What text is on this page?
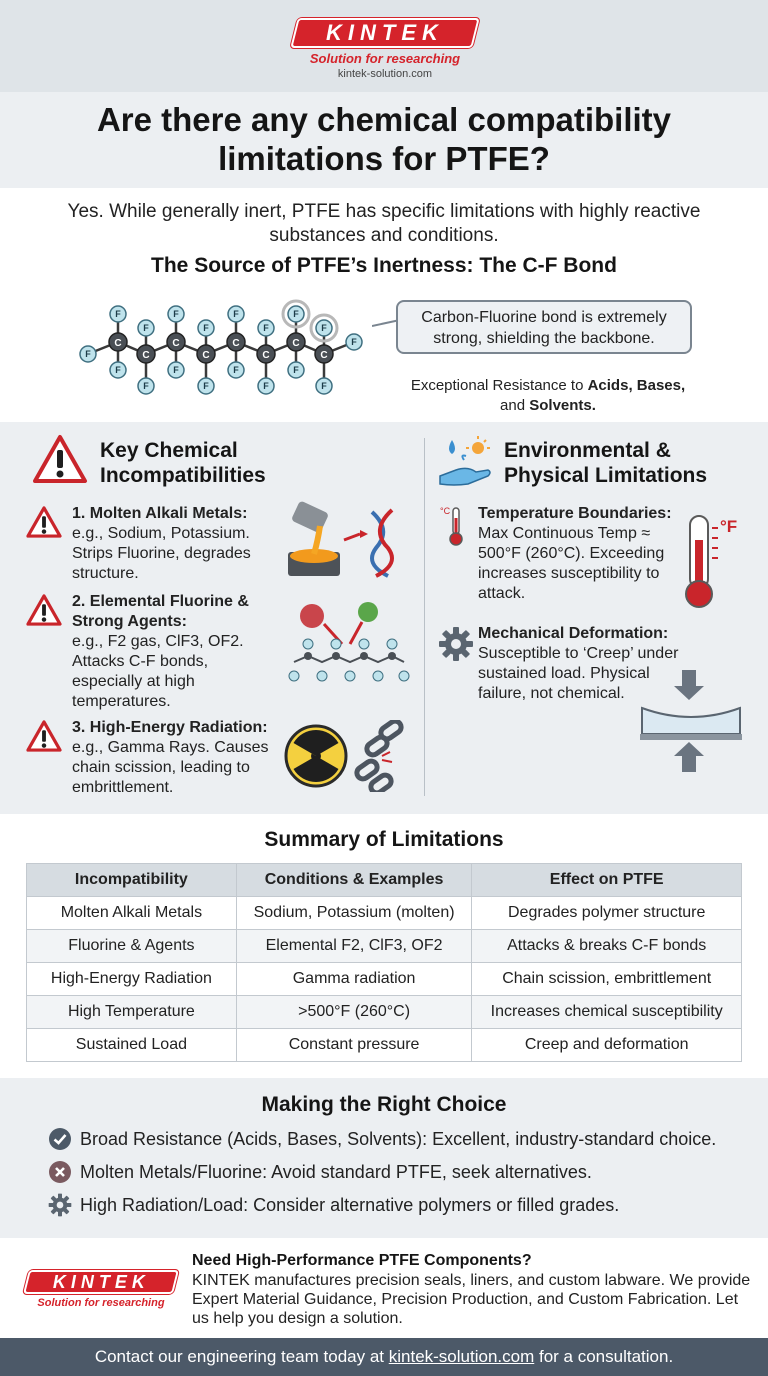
KINTEK
Solution for researching
kintek-solution.com
Are there any chemical compatibility limitations for PTFE?

Yes. While generally inert, PTFE has specific limitations with highly reactive substances and conditions.

The Source of PTFE’s Inertness: The C-F Bond
F
F
F
F
F
F
F
F
F
F
F
F
F
F
F
F
F
F
C
C
C
C
C
C
C
C
Carbon-Fluorine bond is extremely strong, shielding the backbone.
Exceptional Resistance to Acids, Bases,
and Solvents.
Key Chemical Incompatibilities
1. Molten Alkali Metals:
e.g., Sodium, Potassium. Strips Fluorine, degrades structure.
2. Elemental Fluorine & Strong Agents:
e.g., F2 gas, ClF3, OF2. Attacks C-F bonds, especially at high temperatures.
3. High-Energy Radiation:
e.g., Gamma Rays. Causes chain scission, leading to embrittlement.
Environmental & Physical Limitations
°C Temperature Boundaries:
Max Continuous Temp ≈ 500°F (260°C). Exceeding increases susceptibility to attack.
°F
Mechanical Deformation:
Susceptible to ‘Creep’ under sustained load. Physical failure, not chemical.
Summary of Limitations
Incompatibility	Conditions & Examples	Effect on PTFE
Molten Alkali Metals	Sodium, Potassium (molten)	Degrades polymer structure
Fluorine & Agents	Elemental F2, ClF3, OF2	Attacks & breaks C-F bonds
High-Energy Radiation	Gamma radiation	Chain scission, embrittlement
High Temperature	>500°F (260°C)	Increases chemical susceptibility
Sustained Load	Constant pressure	Creep and deformation
Making the Right Choice
Broad Resistance (Acids, Bases, Solvents): Excellent, industry-standard choice.
Molten Metals/Fluorine: Avoid standard PTFE, seek alternatives.
High Radiation/Load: Consider alternative polymers or filled grades.
KINTEK
Solution for researching
Need High-Performance PTFE Components?
KINTEK manufactures precision seals, liners, and custom labware. We provide Expert Material Guidance, Precision Production, and Custom Fabrication. Let us help you design a solution.
Contact our engineering team today at kintek-solution.com for a consultation.
